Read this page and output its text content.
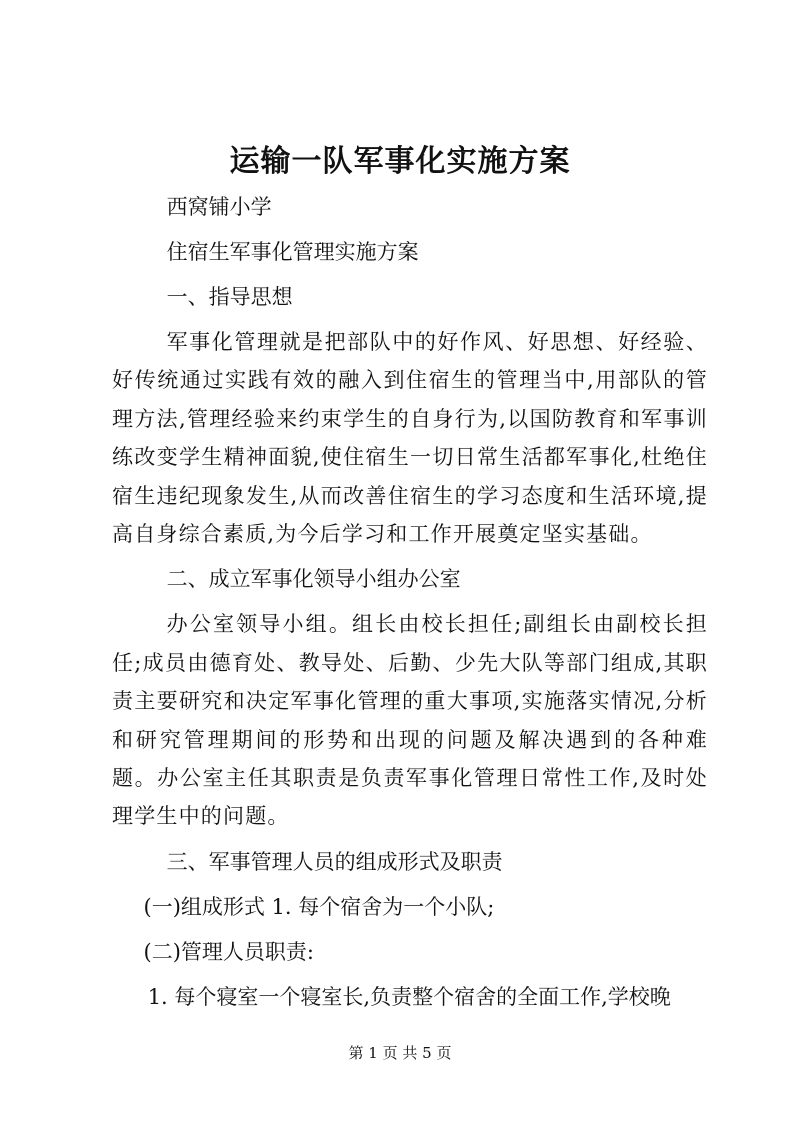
运输一队军事化实施方案

西窝铺小学

住宿生军事化管理实施方案

一、指导思想

军事化管理就是把部队中的好作风、好思想、好经验、好传统通过实践有效的融入到住宿生的管理当中,用部队的管理方法,管理经验来约束学生的自身行为,以国防教育和军事训练改变学生精神面貌,使住宿生一切日常生活都军事化,杜绝住宿生违纪现象发生,从而改善住宿生的学习态度和生活环境,提高自身综合素质,为今后学习和工作开展奠定坚实基础。

二、成立军事化领导小组办公室

办公室领导小组。组长由校长担任;副组长由副校长担任;成员由德育处、教导处、后勤、少先大队等部门组成,其职责主要研究和决定军事化管理的重大事项,实施落实情况,分析和研究管理期间的形势和出现的问题及解决遇到的各种难题。办公室主任其职责是负责军事化管理日常性工作,及时处理学生中的问题。

三、军事管理人员的组成形式及职责

(一)组成形式 1. 每个宿舍为一个小队;

(二)管理人员职责:

1. 每个寝室一个寝室长,负责整个宿舍的全面工作,学校晚

第 1 页 共 5 页
